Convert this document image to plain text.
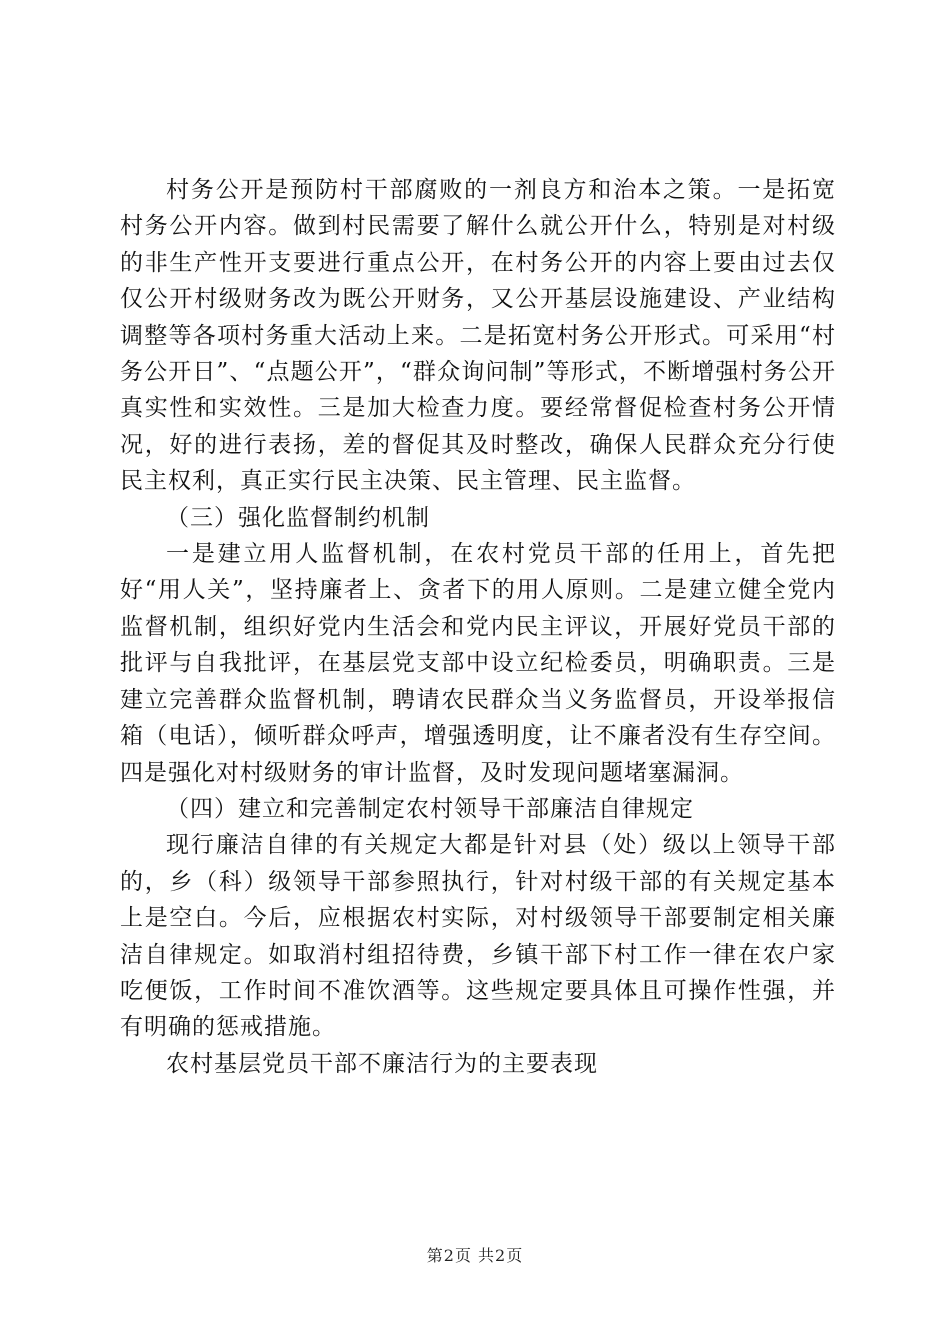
村务公开是预防村干部腐败的一剂良方和治本之策。一是拓宽村务公开内容。做到村民需要了解什么就公开什么，特别是对村级的非生产性开支要进行重点公开，在村务公开的内容上要由过去仅仅公开村级财务改为既公开财务，又公开基层设施建设、产业结构调整等各项村务重大活动上来。二是拓宽村务公开形式。可采用“村务公开日”、“点题公开”，“群众询问制”等形式，不断增强村务公开真实性和实效性。三是加大检查力度。要经常督促检查村务公开情况，好的进行表扬，差的督促其及时整改，确保人民群众充分行使民主权利，真正实行民主决策、民主管理、民主监督。

（三）强化监督制约机制

一是建立用人监督机制，在农村党员干部的任用上，首先把好“用人关”，坚持廉者上、贪者下的用人原则。二是建立健全党内监督机制，组织好党内生活会和党内民主评议，开展好党员干部的批评与自我批评，在基层党支部中设立纪检委员，明确职责。三是建立完善群众监督机制，聘请农民群众当义务监督员，开设举报信箱（电话），倾听群众呼声，增强透明度，让不廉者没有生存空间。四是强化对村级财务的审计监督，及时发现问题堵塞漏洞。

（四）建立和完善制定农村领导干部廉洁自律规定

现行廉洁自律的有关规定大都是针对县（处）级以上领导干部的，乡（科）级领导干部参照执行，针对村级干部的有关规定基本上是空白。今后，应根据农村实际，对村级领导干部要制定相关廉洁自律规定。如取消村组招待费，乡镇干部下村工作一律在农户家吃便饭，工作时间不准饮酒等。这些规定要具体且可操作性强，并有明确的惩戒措施。

农村基层党员干部不廉洁行为的主要表现

第2页 共2页
